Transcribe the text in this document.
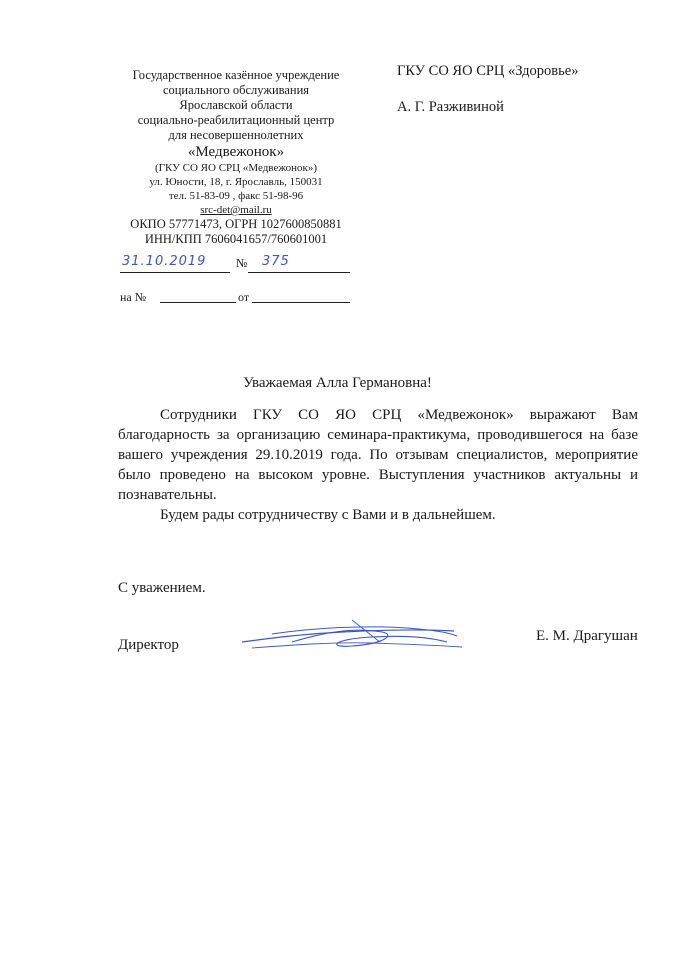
Государственное казённое учреждение
социального обслуживания
Ярославской области
социально-реабилитационный центр
для несовершеннолетних
«Медвежонок»
(ГКУ СО ЯО СРЦ «Медвежонок»)
ул. Юности, 18, г. Ярославль, 150031
тел. 51-83-09 , факс 51-98-96
src-det@mail.ru
ОКПО 57771473, ОГРН 1027600850881
ИНН/КПП 7606041657/760601001
31.10.2019 № 375
на №	от
ГКУ СО ЯО СРЦ «Здоровье»
А. Г. Разживиной
Уважаемая Алла Германовна!

Сотрудники ГКУ СО ЯО СРЦ «Медвежонок» выражают Вам благодарность за организацию семинара-практикума, проводившегося на базе вашего учреждения 29.10.2019 года. По отзывам специалистов, мероприятие было проведено на высоком уровне. Выступления участников актуальны и познавательны.

Будем рады сотрудничеству с Вами и в дальнейшем.

С уважением.
Директор
Е. М. Драгушан
